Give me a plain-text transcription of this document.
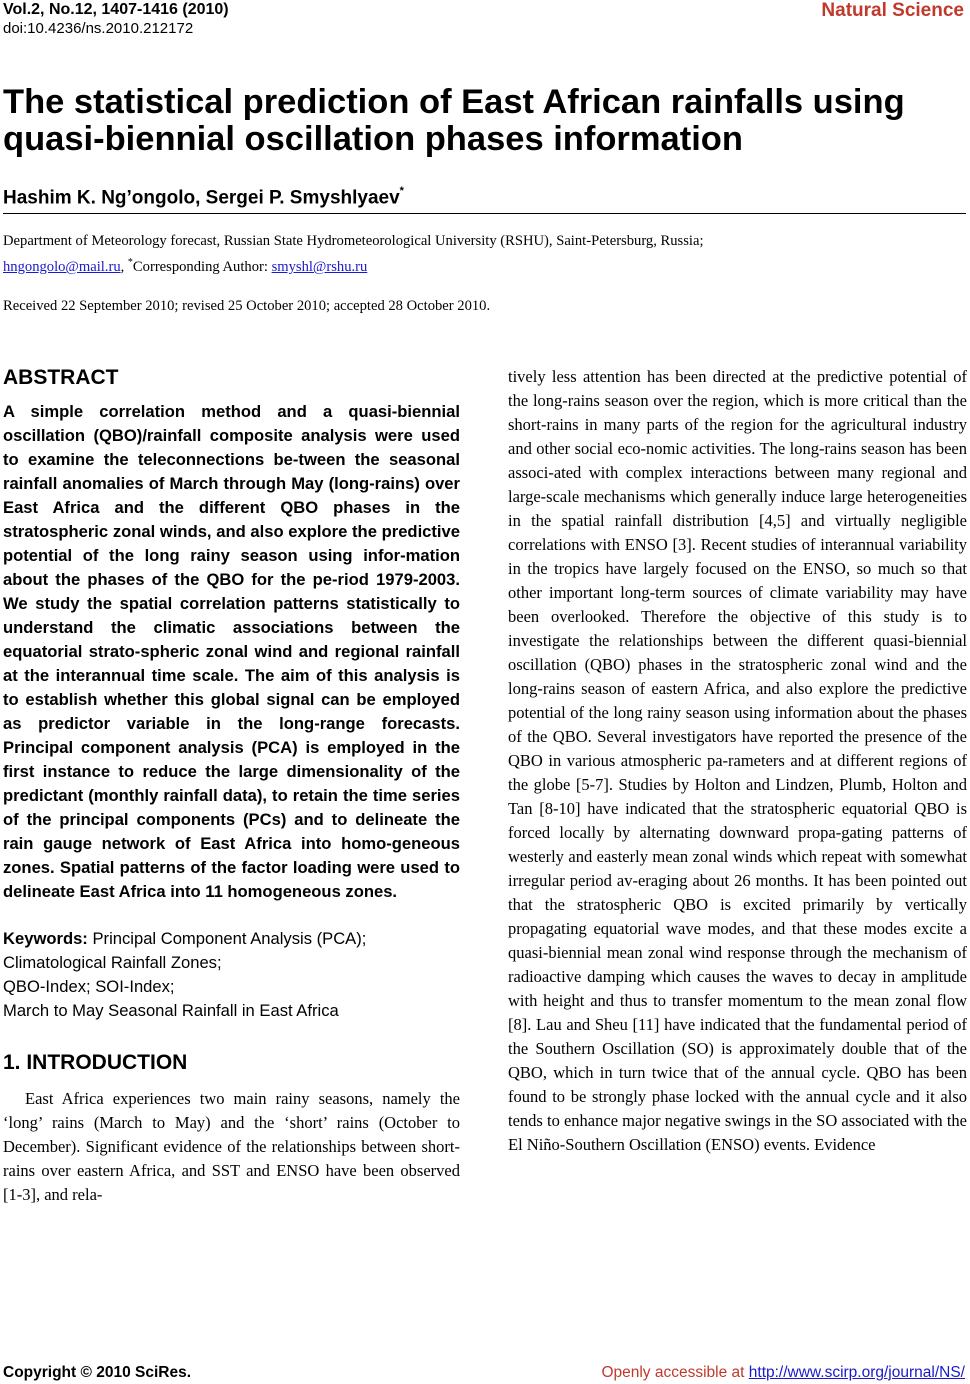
Vol.2, No.12, 1407-1416 (2010)
doi:10.4236/ns.2010.212172
Natural Science
The statistical prediction of East African rainfalls using quasi-biennial oscillation phases information
Hashim K. Ng’ongolo, Sergei P. Smyshlyaev*
Department of Meteorology forecast, Russian State Hydrometeorological University (RSHU), Saint-Petersburg, Russia;
hngongolo@mail.ru, *Corresponding Author: smyshl@rshu.ru
Received 22 September 2010; revised 25 October 2010; accepted 28 October 2010.
ABSTRACT

A simple correlation method and a quasi-biennial oscillation (QBO)/rainfall composite analysis were used to examine the teleconnections be-tween the seasonal rainfall anomalies of March through May (long-rains) over East Africa and the different QBO phases in the stratospheric zonal winds, and also explore the predictive potential of the long rainy season using infor-mation about the phases of the QBO for the pe-riod 1979-2003. We study the spatial correlation patterns statistically to understand the climatic associations between the equatorial strato-spheric zonal wind and regional rainfall at the interannual time scale. The aim of this analysis is to establish whether this global signal can be employed as predictor variable in the long-range forecasts. Principal component analysis (PCA) is employed in the first instance to reduce the large dimensionality of the predictant (monthly rainfall data), to retain the time series of the principal components (PCs) and to delineate the rain gauge network of East Africa into homo-geneous zones. Spatial patterns of the factor loading were used to delineate East Africa into 11 homogeneous zones.

Keywords: Principal Component Analysis (PCA);
Climatological Rainfall Zones;
QBO-Index; SOI-Index;
March to May Seasonal Rainfall in East Africa
1. INTRODUCTION

East Africa experiences two main rainy seasons, namely the ‘long’ rains (March to May) and the ‘short’ rains (October to December). Significant evidence of the relationships between short-rains over eastern Africa, and SST and ENSO have been observed [1-3], and rela-

tively less attention has been directed at the predictive potential of the long-rains season over the region, which is more critical than the short-rains in many parts of the region for the agricultural industry and other social eco-nomic activities. The long-rains season has been associ-ated with complex interactions between many regional and large-scale mechanisms which generally induce large heterogeneities in the spatial rainfall distribution [4,5] and virtually negligible correlations with ENSO [3]. Recent studies of interannual variability in the tropics have largely focused on the ENSO, so much so that other important long-term sources of climate variability may have been overlooked. Therefore the objective of this study is to investigate the relationships between the different quasi-biennial oscillation (QBO) phases in the stratospheric zonal wind and the long-rains season of eastern Africa, and also explore the predictive potential of the long rainy season using information about the phases of the QBO. Several investigators have reported the presence of the QBO in various atmospheric pa-rameters and at different regions of the globe [5-7]. Studies by Holton and Lindzen, Plumb, Holton and Tan [8-10] have indicated that the stratospheric equatorial QBO is forced locally by alternating downward propa-gating patterns of westerly and easterly mean zonal winds which repeat with somewhat irregular period av-eraging about 26 months. It has been pointed out that the stratospheric QBO is excited primarily by vertically propagating equatorial wave modes, and that these modes excite a quasi-biennial mean zonal wind response through the mechanism of radioactive damping which causes the waves to decay in amplitude with height and thus to transfer momentum to the mean zonal flow [8]. Lau and Sheu [11] have indicated that the fundamental period of the Southern Oscillation (SO) is approximately double that of the QBO, which in turn twice that of the annual cycle. QBO has been found to be strongly phase locked with the annual cycle and it also tends to enhance major negative swings in the SO associated with the El Niño-Southern Oscillation (ENSO) events. Evidence

Copyright © 2010 SciRes.	Openly accessible at http://www.scirp.org/journal/NS/
